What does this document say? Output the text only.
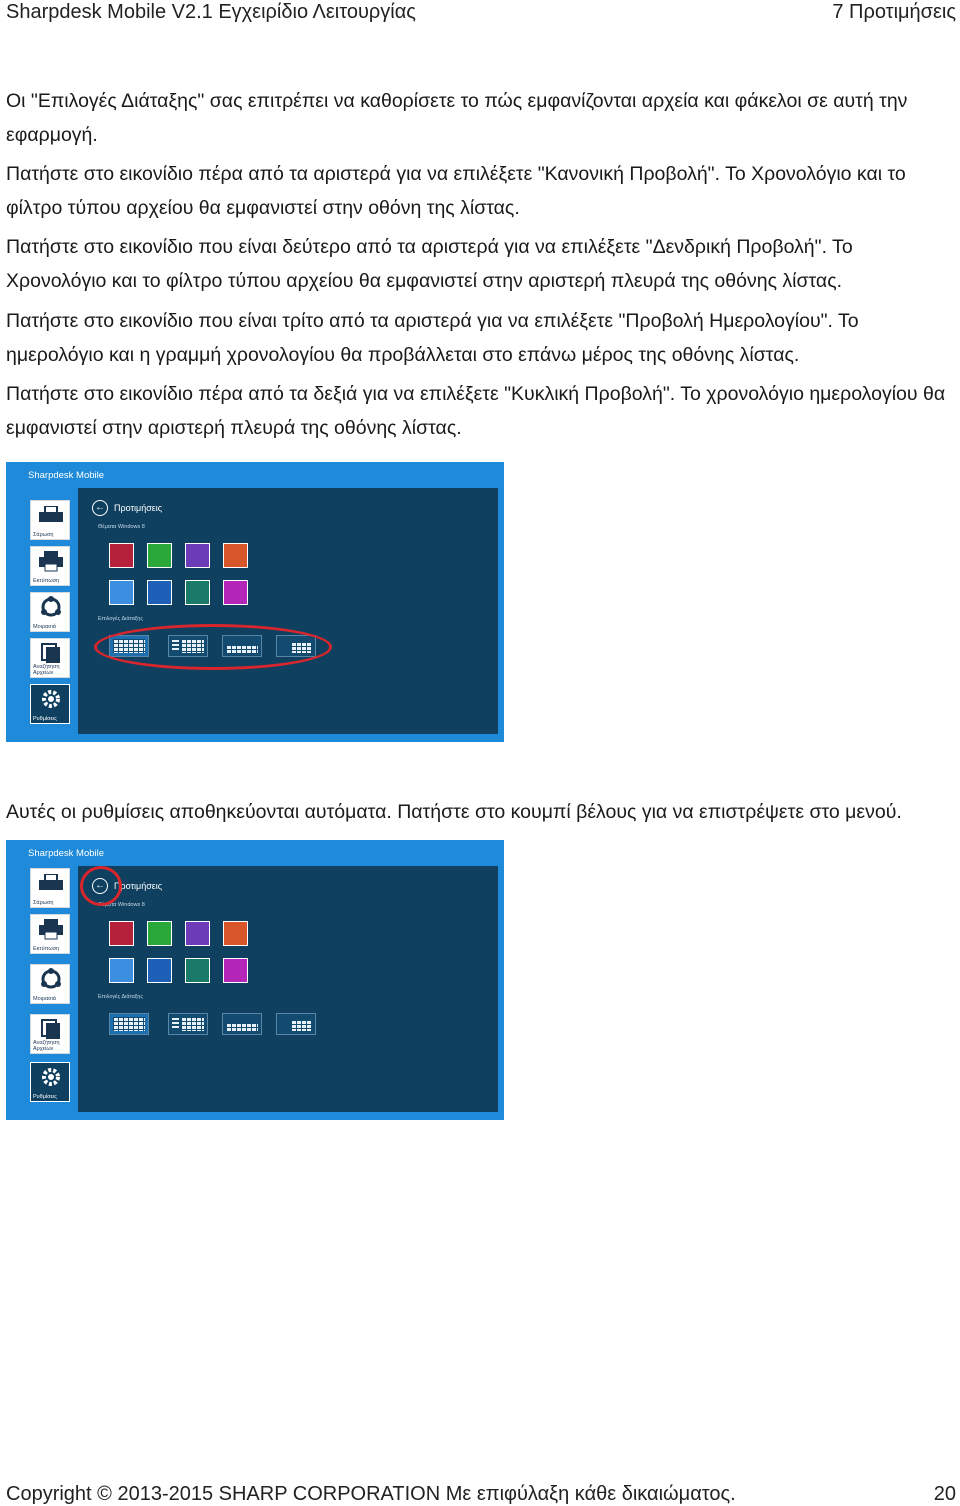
Sharpdesk Mobile V2.1 Εγχειρίδιο Λειτουργίας	7 Προτιμήσεις

Οι "Επιλογές Διάταξης" σας επιτρέπει να καθορίσετε το πώς εμφανίζονται αρχεία και φάκελοι σε αυτή την εφαρμογή.

Πατήστε στο εικονίδιο πέρα από τα αριστερά για να επιλέξετε "Κανονική Προβολή". Το Χρονολόγιο και το φίλτρο τύπου αρχείου θα εμφανιστεί στην οθόνη της λίστας.

Πατήστε στο εικονίδιο που είναι δεύτερο από τα αριστερά για να επιλέξετε "Δενδρική Προβολή". Το Χρονολόγιο και το φίλτρο τύπου αρχείου θα εμφανιστεί στην αριστερή πλευρά της οθόνης λίστας.

Πατήστε στο εικονίδιο που είναι τρίτο από τα αριστερά για να επιλέξετε "Προβολή Ημερολογίου". Το ημερολόγιο και η γραμμή χρονολογίου θα προβάλλεται στο επάνω μέρος της οθόνης λίστας.

Πατήστε στο εικονίδιο πέρα από τα δεξιά για να επιλέξετε "Κυκλική Προβολή". Το χρονολόγιο ημερολογίου θα εμφανιστεί στην αριστερή πλευρά της οθόνης λίστας.

Sharpdesk Mobile
Σάρωση
Εκτύπωση
Μοιρασιά
Αναζήτηση Αρχείων
Ρυθμίσεις
←	Προτιμήσεις
Θέματα Windows 8
Επιλογές Διάταξης

Αυτές οι ρυθμίσεις αποθηκεύονται αυτόματα. Πατήστε στο κουμπί βέλους για να επιστρέψετε στο μενού.

Sharpdesk Mobile
Σάρωση
Εκτύπωση
Μοιρασιά
Αναζήτηση Αρχείων
Ρυθμίσεις
←	Προτιμήσεις
Θέματα Windows 8
Επιλογές Διάταξης
Copyright © 2013-2015 SHARP CORPORATION Με επιφύλαξη κάθε δικαιώματος.	20
